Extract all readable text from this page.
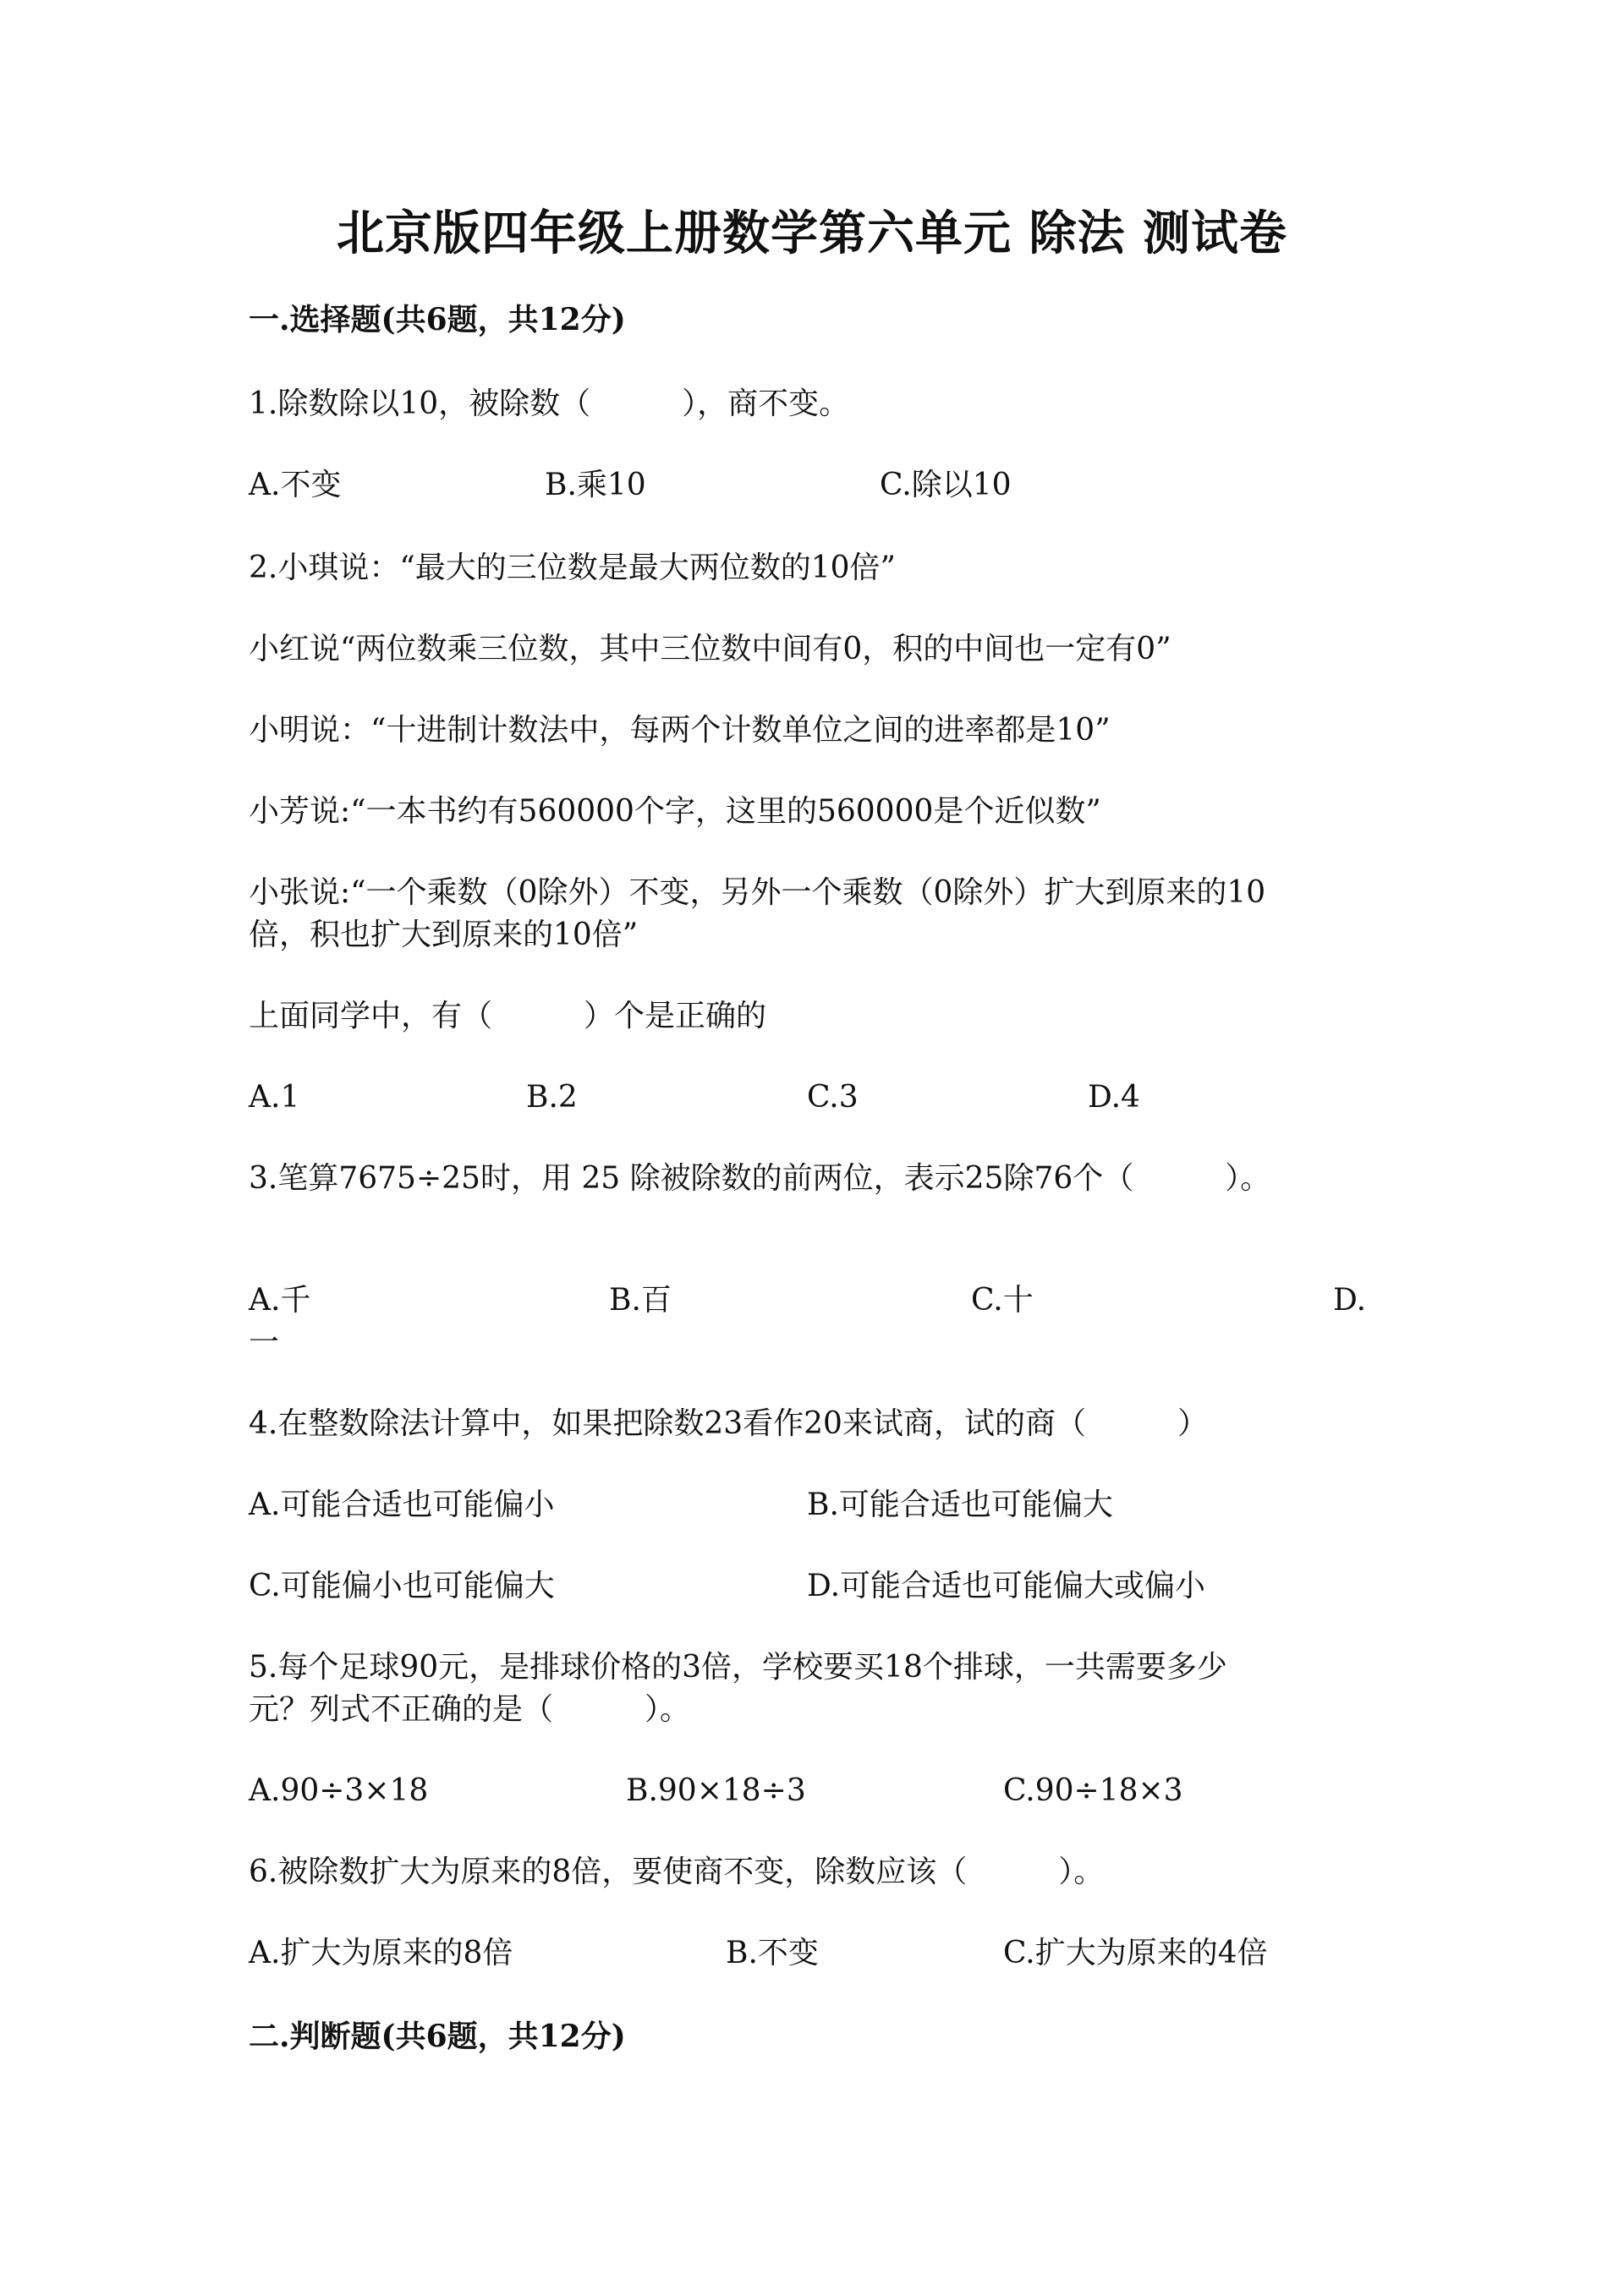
北京版四年级上册数学第六单元 除法 测试卷
一.选择题(共6题，共12分)
1.除数除以10，被除数（　　　），商不变。
A.不变	B.乘10	C.除以10
2.小琪说：“最大的三位数是最大两位数的10倍”
小红说“两位数乘三位数，其中三位数中间有0，积的中间也一定有0”
小明说：“十进制计数法中，每两个计数单位之间的进率都是10”
小芳说:“一本书约有560000个字，这里的560000是个近似数”
小张说:“一个乘数（0除外）不变，另外一个乘数（0除外）扩大到原来的10
倍，积也扩大到原来的10倍”
上面同学中，有（　　　）个是正确的
A.1	B.2	C.3	D.4
3.笔算7675÷25时，用 25 除被除数的前两位，表示25除76个（　　　）。
A.千	B.百	C.十	D.
一
4.在整数除法计算中，如果把除数23看作20来试商，试的商（　　　）
A.可能合适也可能偏小	B.可能合适也可能偏大
C.可能偏小也可能偏大	D.可能合适也可能偏大或偏小
5.每个足球90元，是排球价格的3倍，学校要买18个排球，一共需要多少
元？列式不正确的是（　　　）。
A.90÷3×18	B.90×18÷3	C.90÷18×3
6.被除数扩大为原来的8倍，要使商不变，除数应该（　　　）。
A.扩大为原来的8倍	B.不变	C.扩大为原来的4倍
二.判断题(共6题，共12分)
